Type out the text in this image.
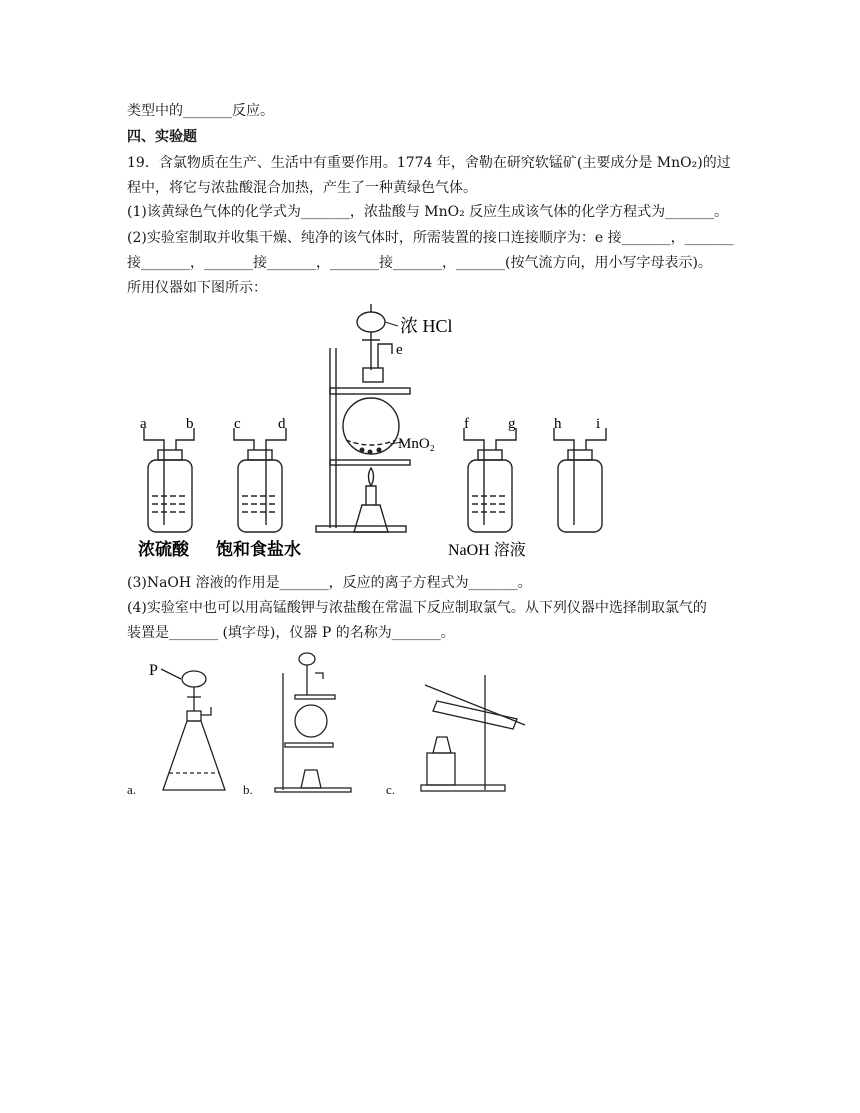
类型中的_______反应。
四、实验题
19．含氯物质在生产、生活中有重要作用。1774 年，舍勒在研究软锰矿(主要成分是 MnO₂)的过
程中，将它与浓盐酸混合加热，产生了一种黄绿色气体。
(1)该黄绿色气体的化学式为_______，浓盐酸与 MnO₂ 反应生成该气体的化学方程式为_______。
(2)实验室制取并收集干燥、纯净的该气体时，所需装置的接口连接顺序为：e 接_______，_______
接_______，_______接_______，_______接_______，_______(按气流方向，用小写字母表示)。
所用仪器如下图所示：
浓 HCl
e
MnO₂
a	b	c d	f	g	h i
浓硫酸 饱和食盐水	NaOH 溶液
(3)NaOH 溶液的作用是_______，反应的离子方程式为_______。
(4)实验室中也可以用高锰酸钾与浓盐酸在常温下反应制取氯气。从下列仪器中选择制取氯气的
装置是_______ (填字母)，仪器 P 的名称为_______。
P
a.	b.	c.
